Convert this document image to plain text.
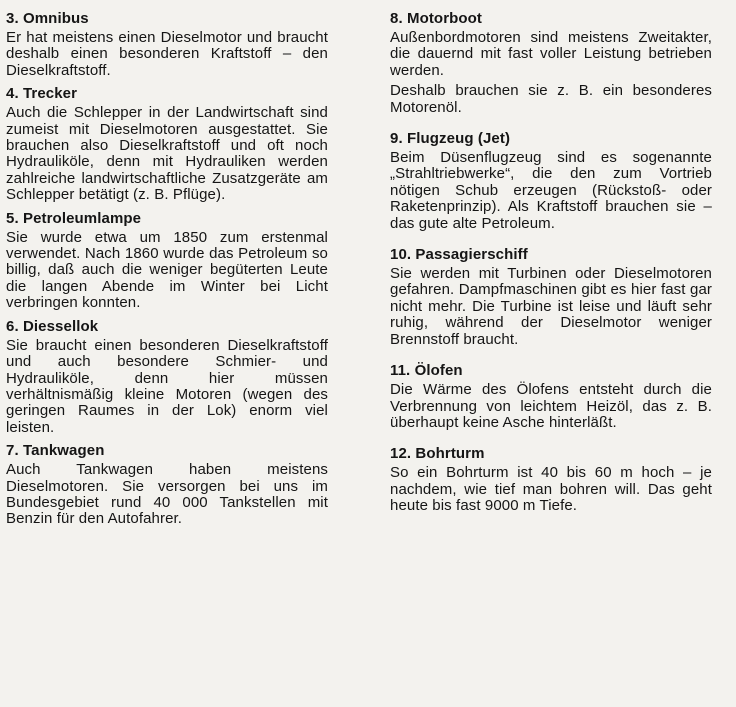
3. Omnibus

Er hat meistens einen Dieselmotor und braucht deshalb einen besonderen Kraftstoff – den Dieselkraftstoff.

4. Trecker

Auch die Schlepper in der Landwirtschaft sind zumeist mit Dieselmotoren ausgestattet. Sie brauchen also Dieselkraftstoff und oft noch Hydrauliköle, denn mit Hydrauliken werden zahlreiche landwirtschaftliche Zusatzgeräte am Schlepper betätigt (z. B. Pflüge).

5. Petroleumlampe

Sie wurde etwa um 1850 zum erstenmal verwendet. Nach 1860 wurde das Petroleum so billig, daß auch die weniger begüterten Leute die langen Abende im Winter bei Licht verbringen konnten.

6. Diessellok

Sie braucht einen besonderen Dieselkraftstoff und auch besondere Schmier- und Hydrauliköle, denn hier müssen verhältnismäßig kleine Motoren (wegen des geringen Raumes in der Lok) enorm viel leisten.

7. Tankwagen

Auch Tankwagen haben meistens Dieselmotoren. Sie versorgen bei uns im Bundesgebiet rund 40 000 Tankstellen mit Benzin für den Autofahrer.

8. Motorboot

Außenbordmotoren sind meistens Zweitakter, die dauernd mit fast voller Leistung betrieben werden.

Deshalb brauchen sie z. B. ein besonderes Motorenöl.

9. Flugzeug (Jet)

Beim Düsenflugzeug sind es sogenannte „Strahltriebwerke“, die den zum Vortrieb nötigen Schub erzeugen (Rückstoß- oder Raketenprinzip). Als Kraftstoff brauchen sie – das gute alte Petroleum.

10. Passagierschiff

Sie werden mit Turbinen oder Dieselmotoren gefahren. Dampfmaschinen gibt es hier fast gar nicht mehr. Die Turbine ist leise und läuft sehr ruhig, während der Dieselmotor weniger Brennstoff braucht.

11. Ölofen

Die Wärme des Ölofens entsteht durch die Verbrennung von leichtem Heizöl, das z. B. überhaupt keine Asche hinterläßt.

12. Bohrturm

So ein Bohrturm ist 40 bis 60 m hoch – je nachdem, wie tief man bohren will. Das geht heute bis fast 9000 m Tiefe.
